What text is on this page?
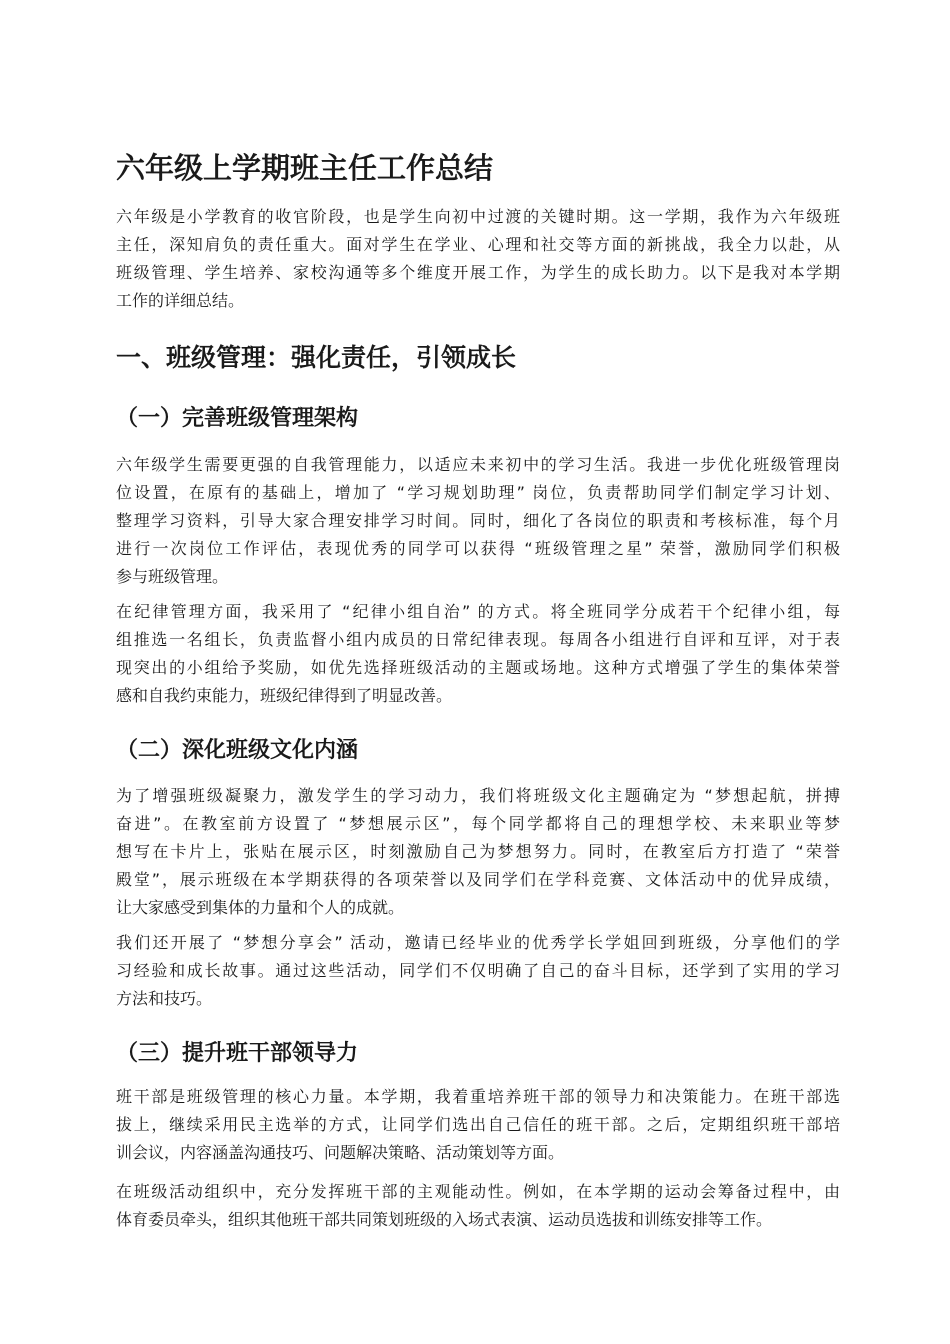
六年级上学期班主任工作总结
六年级是小学教育的收官阶段，也是学生向初中过渡的关键时期。这一学期，我作为六年级班
主任，深知肩负的责任重大。面对学生在学业、心理和社交等方面的新挑战，我全力以赴，从
班级管理、学生培养、家校沟通等多个维度开展工作，为学生的成长助力。以下是我对本学期
工作的详细总结。
一、班级管理：强化责任，引领成长
（一）完善班级管理架构
六年级学生需要更强的自我管理能力，以适应未来初中的学习生活。我进一步优化班级管理岗
位设置，在原有的基础上，增加了 “学习规划助理” 岗位，负责帮助同学们制定学习计划、
整理学习资料，引导大家合理安排学习时间。同时，细化了各岗位的职责和考核标准，每个月
进行一次岗位工作评估，表现优秀的同学可以获得 “班级管理之星” 荣誉，激励同学们积极
参与班级管理。
在纪律管理方面，我采用了 “纪律小组自治” 的方式。将全班同学分成若干个纪律小组，每
组推选一名组长，负责监督小组内成员的日常纪律表现。每周各小组进行自评和互评，对于表
现突出的小组给予奖励，如优先选择班级活动的主题或场地。这种方式增强了学生的集体荣誉
感和自我约束能力，班级纪律得到了明显改善。
（二）深化班级文化内涵
为了增强班级凝聚力，激发学生的学习动力，我们将班级文化主题确定为 “梦想起航，拼搏
奋进”。在教室前方设置了 “梦想展示区”，每个同学都将自己的理想学校、未来职业等梦
想写在卡片上，张贴在展示区，时刻激励自己为梦想努力。同时，在教室后方打造了 “荣誉
殿堂”，展示班级在本学期获得的各项荣誉以及同学们在学科竞赛、文体活动中的优异成绩，
让大家感受到集体的力量和个人的成就。
我们还开展了 “梦想分享会” 活动，邀请已经毕业的优秀学长学姐回到班级，分享他们的学
习经验和成长故事。通过这些活动，同学们不仅明确了自己的奋斗目标，还学到了实用的学习
方法和技巧。
（三）提升班干部领导力
班干部是班级管理的核心力量。本学期，我着重培养班干部的领导力和决策能力。在班干部选
拔上，继续采用民主选举的方式，让同学们选出自己信任的班干部。之后，定期组织班干部培
训会议，内容涵盖沟通技巧、问题解决策略、活动策划等方面。
在班级活动组织中，充分发挥班干部的主观能动性。例如，在本学期的运动会筹备过程中，由
体育委员牵头，组织其他班干部共同策划班级的入场式表演、运动员选拔和训练安排等工作。
